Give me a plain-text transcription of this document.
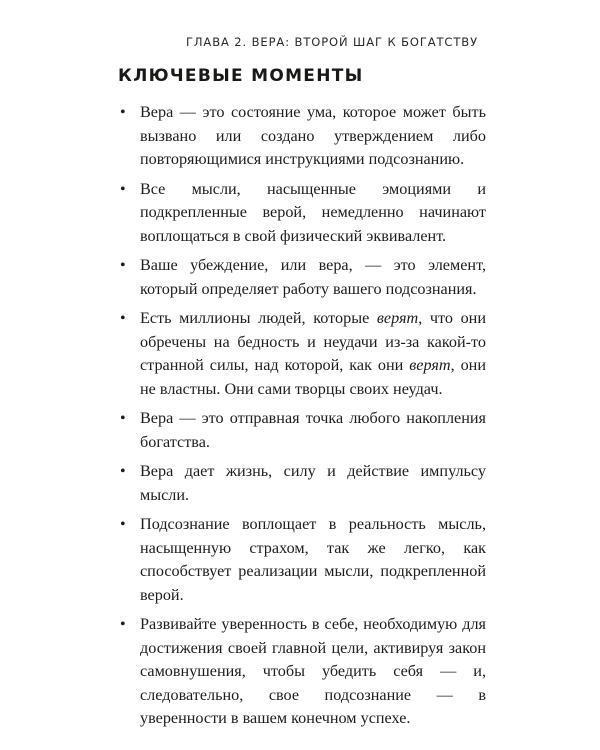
ГЛАВА 2. ВЕРА: ВТОРОЙ ШАГ К БОГАТСТВУ
КЛЮЧЕВЫЕ МОМЕНТЫ
• Вера — это состояние ума, которое может быть вызвано или создано утверждением либо повторяющимися инструкциями подсознанию.
• Все мысли, насыщенные эмоциями и подкрепленные верой, немедленно начинают воплощаться в свой физический эквивалент.
• Ваше убеждение, или вера, — это элемент, который определяет работу вашего подсознания.
• Есть миллионы людей, которые верят, что они обречены на бедность и неудачи из-за какой-то странной силы, над которой, как они верят, они не властны. Они сами творцы своих неудач.
• Вера — это отправная точка любого накопления богатства.
• Вера дает жизнь, силу и действие импульсу мысли.
• Подсознание воплощает в реальность мысль, насыщенную страхом, так же легко, как способствует реализации мысли, подкрепленной верой.
• Развивайте уверенность в себе, необходимую для достижения своей главной цели, активируя закон самовнушения, чтобы убедить себя — и, следовательно, свое подсознание — в уверенности в вашем конечном успехе.
